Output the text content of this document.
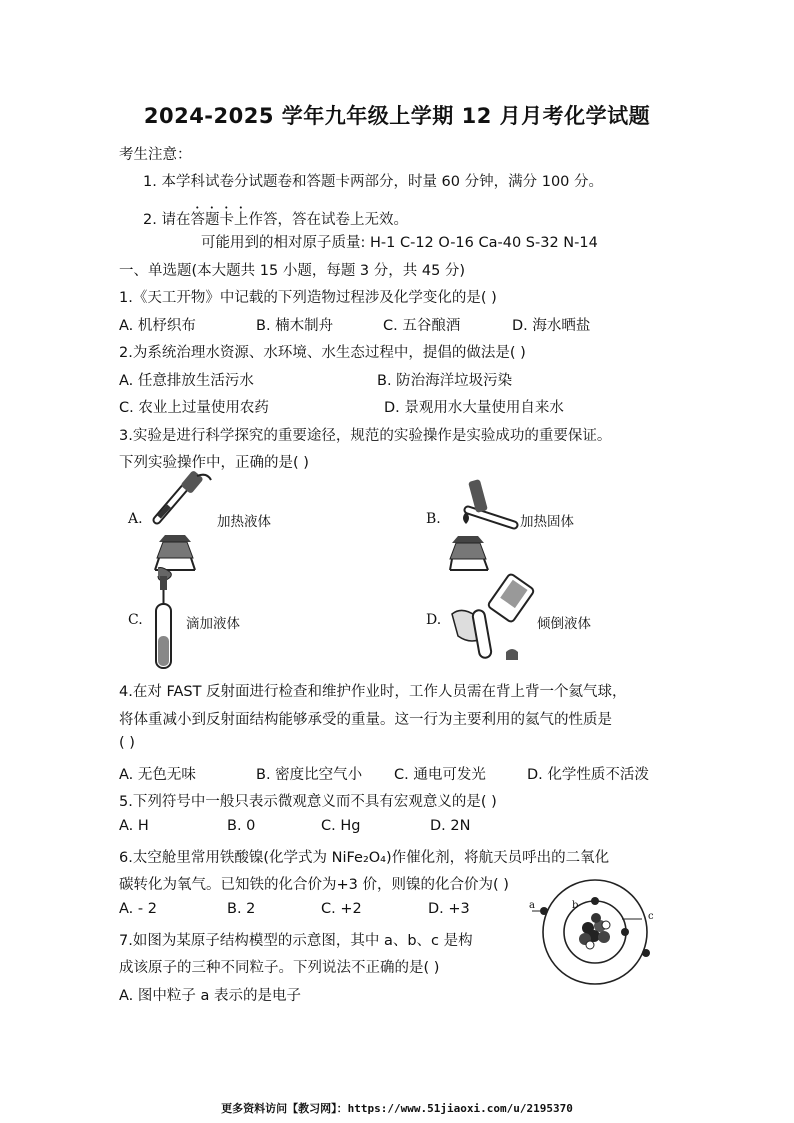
2024-2025 学年九年级上学期 12 月月考化学试题
考生注意：
1. 本学科试卷分试题卷和答题卡两部分，时量 60 分钟，满分 100 分。
2. 请在答题卡上作答，答在试卷上无效。
可能用到的相对原子质量: H-1 C-12 O-16 Ca-40 S-32 N-14
一、单选题(本大题共 15 小题，每题 3 分，共 45 分)
1.《天工开物》中记载的下列造物过程涉及化学变化的是( )
A. 机杼织布	B. 楠木制舟	C. 五谷酿酒	D. 海水晒盐
2.为系统治理水资源、水环境、水生态过程中，提倡的做法是( )
A. 任意排放生活污水	B. 防治海洋垃圾污染
C. 农业上过量使用农药	D. 景观用水大量使用自来水
3.实验是进行科学探究的重要途径，规范的实验操作是实验成功的重要保证。
下列实验操作中，正确的是( )
A.	加热液体	B.	加热固体
C.	滴加液体	D.	倾倒液体
4.在对 FAST 反射面进行检查和维护作业时，工作人员需在背上背一个氦气球，
将体重减小到反射面结构能够承受的重量。这一行为主要利用的氦气的性质是
( )
A. 无色无味	B. 密度比空气小 C. 通电可发光	D. 化学性质不活泼
5.下列符号中一般只表示微观意义而不具有宏观意义的是( )
A. H	B. 0	C. Hg	D. 2N
6.太空舱里常用铁酸镍(化学式为 NiFe₂O₄)作催化剂，将航天员呼出的二氧化
碳转化为氧气。已知铁的化合价为+3 价，则镍的化合价为( )
A. - 2	B. 2	C. +2	D. +3	a	b
c
7.如图为某原子结构模型的示意图，其中 a、b、c 是构
成该原子的三种不同粒子。下列说法不正确的是( )
A. 图中粒子 a 表示的是电子
更多资料访问【教习网】：https://www.51jiaoxi.com/u/2195370
